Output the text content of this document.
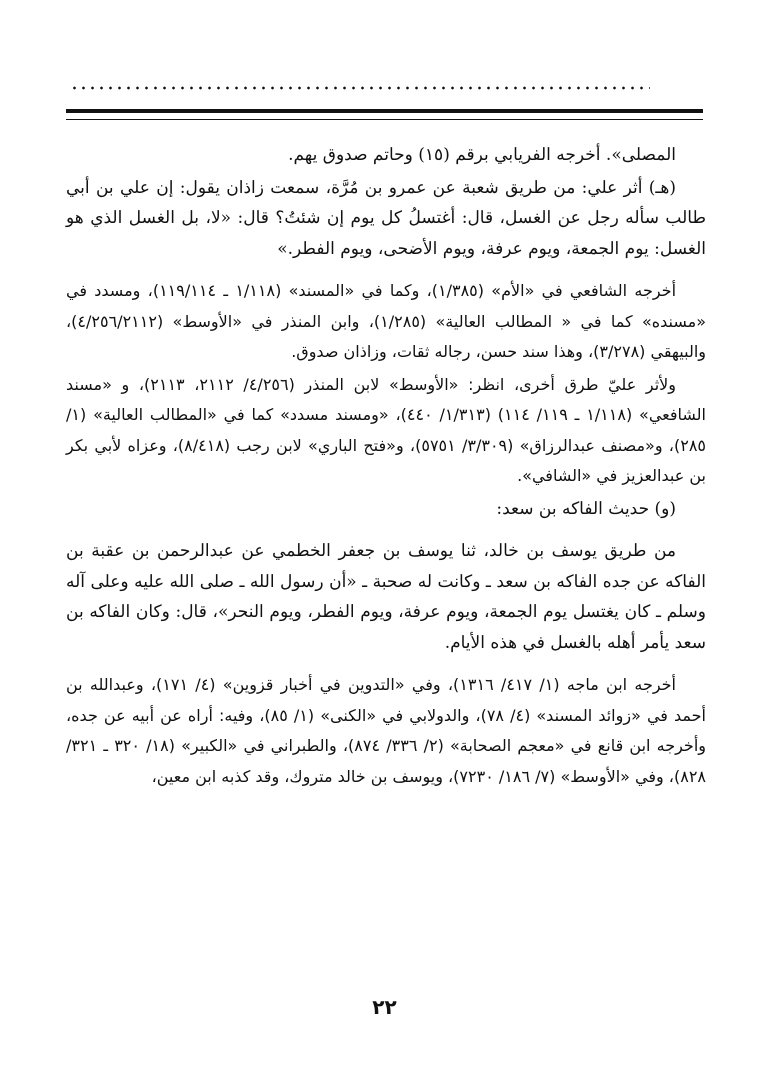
المصلى». أخرجه الفريابي برقم (١٥) وحاتم صدوق يهم.

(هـ) أثر علي: من طريق شعبة عن عمرو بن مُرَّة، سمعت زاذان يقول: إن علي بن أبي طالب سأله رجل عن الغسل، قال: أغتسلُ كل يوم إن شئتُ؟ قال: «لا، بل الغسل الذي هو الغسل: يوم الجمعة، ويوم عرفة، ويوم الأضحى، ويوم الفطر.»

أخرجه الشافعي في «الأم» (١/٣٨٥)، وكما في «المسند» (١/١١٨ ـ ١١٩/١١٤)، ومسدد في «مسنده» كما في « المطالب العالية» (١/٢٨٥)، وابن المنذر في «الأوسط» (٤/٢٥٦/٢١١٢)، والبيهقي (٣/٢٧٨)، وهذا سند حسن، رجاله ثقات، وزاذان صدوق.

ولأثر عليّ طرق أخرى، انظر: «الأوسط» لابن المنذر (٤/٢٥٦/ ٢١١٢، ٢١١٣)، و «مسند الشافعي» (١/١١٨ ـ ١١٩/ ١١٤) (١/٣١٣/ ٤٤٠)، «ومسند مسدد» كما في «المطالب العالية» (١/ ٢٨٥)، و«مصنف عبدالرزاق» (٣/٣٠٩/ ٥٧٥١)، و«فتح الباري» لابن رجب (٨/٤١٨)، وعزاه لأبي بكر بن عبدالعزيز في «الشافي».

(و) حديث الفاكه بن سعد:

من طريق يوسف بن خالد، ثنا يوسف بن جعفر الخطمي عن عبدالرحمن بن عقبة بن الفاكه عن جده الفاكه بن سعد ـ وكانت له صحبة ـ «أن رسول الله ـ صلى الله عليه وعلى آله وسلم ـ كان يغتسل يوم الجمعة، ويوم عرفة، ويوم الفطر، ويوم النحر»، قال: وكان الفاكه بن سعد يأمر أهله بالغسل في هذه الأيام.

أخرجه ابن ماجه (١/ ٤١٧/ ١٣١٦)، وفي «التدوين في أخبار قزوين» (٤/ ١٧١)، وعبدالله بن أحمد في «زوائد المسند» (٤/ ٧٨)، والدولابي في «الكنى» (١/ ٨٥)، وفيه: أراه عن أبيه عن جده، وأخرجه ابن قانع في «معجم الصحابة» (٢/ ٣٣٦/ ٨٧٤)، والطبراني في «الكبير» (١٨/ ٣٢٠ ـ ٣٢١/ ٨٢٨)، وفي «الأوسط» (٧/ ١٨٦/ ٧٢٣٠)، ويوسف بن خالد متروك، وقد كذبه ابن معين،

٢٢
